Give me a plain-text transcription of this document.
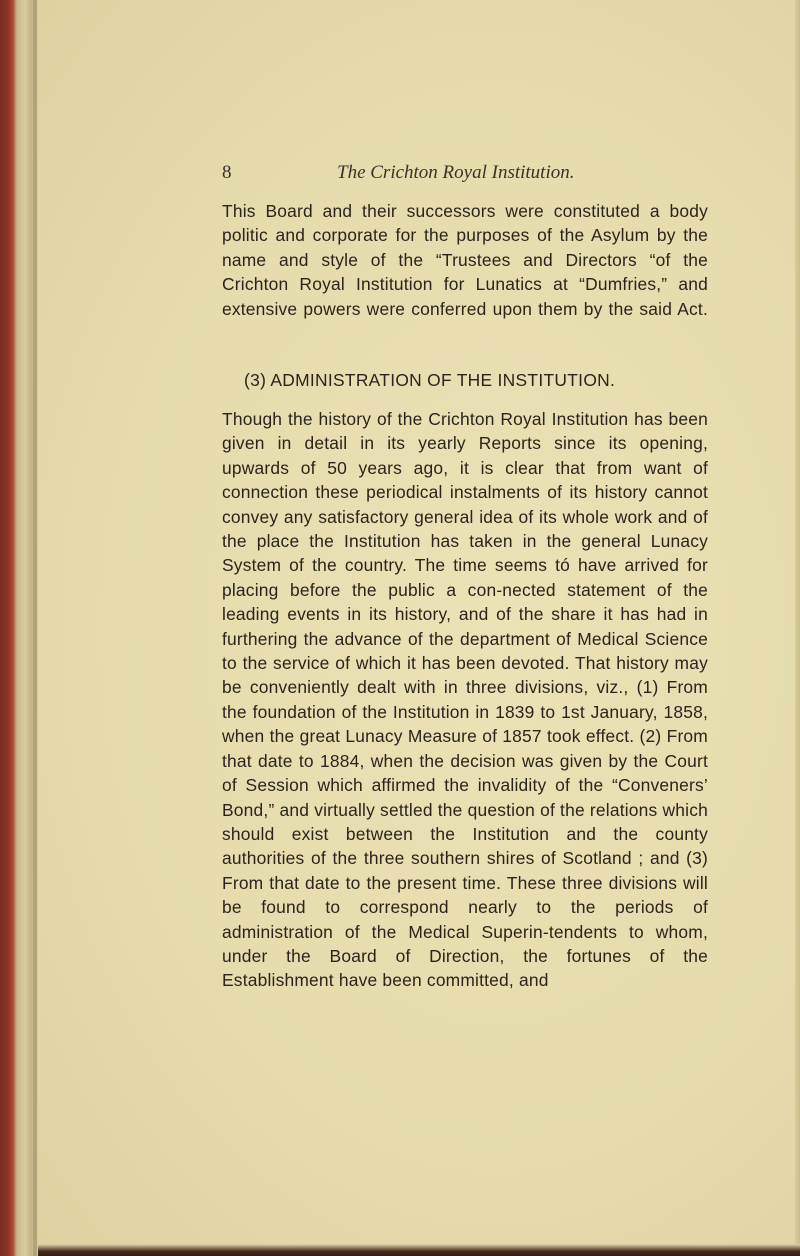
8	The Crichton Royal Institution.

This Board and their successors were constituted a body politic and corporate for the purposes of the Asylum by the name and style of the “Trustees and Directors “of the Crichton Royal Institution for Lunatics at “Dumfries,” and extensive powers were conferred upon them by the said Act.

(3) ADMINISTRATION OF THE INSTITUTION.

Though the history of the Crichton Royal Institution has been given in detail in its yearly Reports since its opening, upwards of 50 years ago, it is clear that from want of connection these periodical instalments of its history cannot convey any satisfactory general idea of its whole work and of the place the Institution has taken in the general Lunacy System of the country. The time seems tó have arrived for placing before the public a con-nected statement of the leading events in its history, and of the share it has had in furthering the advance of the department of Medical Science to the service of which it has been devoted. That history may be conveniently dealt with in three divisions, viz., (1) From the foundation of the Institution in 1839 to 1st January, 1858, when the great Lunacy Measure of 1857 took effect. (2) From that date to 1884, when the decision was given by the Court of Session which affirmed the invalidity of the “Conveners’ Bond,” and virtually settled the question of the relations which should exist between the Institution and the county authorities of the three southern shires of Scotland ; and (3) From that date to the present time. These three divisions will be found to correspond nearly to the periods of administration of the Medical Superin-tendents to whom, under the Board of Direction, the fortunes of the Establishment have been committed, and
